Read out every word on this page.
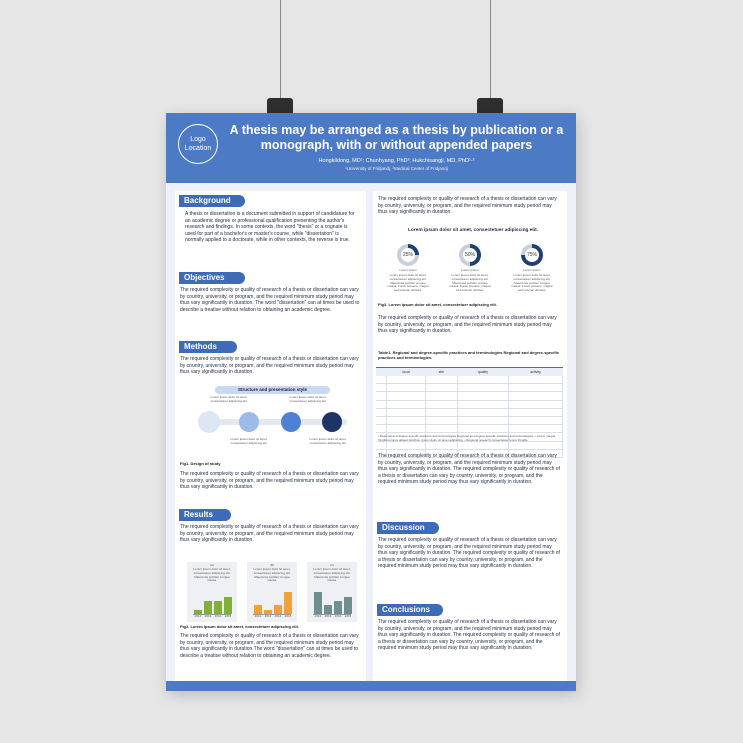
Logo Location
A thesis may be arranged as a thesis by publication or a monograph, with or without appended papers
Hongkildong, MD¹; Chunhyang, PhD²; Hukchisangji, MD, PhD¹·²
¹University of Fridjandj, ²Medical Center of Fridjandj
Background
A thesis or dissertation is a document submitted in support of candidature for an academic degree or professional qualification presenting the author's research and findings. In some contexts, the word "thesis" or a cognate is used for part of a bachelor's or master's course, while "dissertation" is normally applied to a doctorate, while in other contexts, the reverse is true.
Objectives
The required complexity or quality of research of a thesis or dissertation can vary by country, university, or program, and the required minimum study period may thus vary significantly in duration. The word "dissertation" can at times be used to describe a treatise without relation to obtaining an academic degree.
Methods
The required complexity or quality of research of a thesis or dissertation can vary by country, university, or program, and the required minimum study period may thus vary significantly in duration.
Structure and presentation style
Lorem ipsum dolor sit amet, consectetuer adipiscing elit.
Lorem ipsum dolor sit amet, consectetuer adipiscing elit.
Lorem ipsum dolor sit amet, consectetuer adipiscing elit.
Lorem ipsum dolor sit amet, consectetuer adipiscing elit.
Fig1. Design of study
The required complexity or quality of research of a thesis or dissertation can vary by country, university, or program, and the required minimum study period may thus vary significantly in duration.
Results
The required complexity or quality of research of a thesis or dissertation can vary by country, university, or program, and the required minimum study period may thus vary significantly in duration.
(A)
Lorem ipsum dolor sit amet, consectetuer adipiscing elit. Maecenas porttitor congue massa.
2012	2013	2014	2015
(B)
Lorem ipsum dolor sit amet, consectetuer adipiscing elit. Maecenas porttitor congue massa.
2012	2013	2014	2015
(C)
Lorem ipsum dolor sit amet, consectetuer adipiscing elit. Maecenas porttitor congue massa.
2012	2013	2014	2015
Fig2. Lorem ipsum dolor sit amet, consectetuer adipiscing elit.
The required complexity or quality of research of a thesis or dissertation can vary by country, university, or program, and the required minimum study period may thus vary significantly in duration.The word "dissertation" can at times be used to describe a treatise without relation to obtaining an academic degree.
The required complexity or quality of research of a thesis or dissertation can vary by country, university, or program, and the required minimum study period may thus vary significantly in duration.
Lorem ipsum dolor sit amet, consectetuer adipiscing elit.
25%
Lorem ipsum
Lorem ipsum dolor sit amet, consectetuer adipiscing elit. Maecenas porttitor congue massa. Fusce posuere, magna sed pulvinar ultricies.
50%
Lorem ipsum
Lorem ipsum dolor sit amet, consectetuer adipiscing elit. Maecenas porttitor congue massa. Fusce posuere, magna sed pulvinar ultricies.
75%
Lorem ipsum
Lorem ipsum dolor sit amet, consectetuer adipiscing elit. Maecenas porttitor congue massa. Fusce posuere, magna sed pulvinar ultricies.
Fig3. Lorem ipsum dolor sit amet, consectetuer adipiscing elit.
The required complexity or quality of research of a thesis or dissertation can vary by country, university, or program, and the required minimum study period may thus vary significantly in duration.
Table1. Regional and degree-specific practices and terminologies Regional and degree-specific practices and terminologies.
	local	site	quality	activity

• Regional and degree-specific practices and terminologies Regional and degree-specific practices and terminologies. • Lorem magna fringilla tempus aliquet faucibus. Ipsum dolor sit amet adipiscing. • Regional research consectetuer lorem fringilla.
The required complexity or quality of research of a thesis or dissertation can vary by country, university, or program, and the required minimum study period may thus vary significantly in duration. The required complexity or quality of research of a thesis or dissertation can vary by country, university, or program, and the required minimum study period may thus vary significantly in duration.
Discussion
The required complexity or quality of research of a thesis or dissertation can vary by country, university, or program, and the required minimum study period may thus vary significantly in duration. The required complexity or quality of research of a thesis or dissertation can vary by country, university, or program, and the required minimum study period may thus vary significantly in duration.
Conclusions
The required complexity or quality of research of a thesis or dissertation can vary by country, university, or program, and the required minimum study period may thus vary significantly in duration. The required complexity or quality of research of a thesis or dissertation can vary by country, university, or program, and the required minimum study period may thus vary significantly in duration.
